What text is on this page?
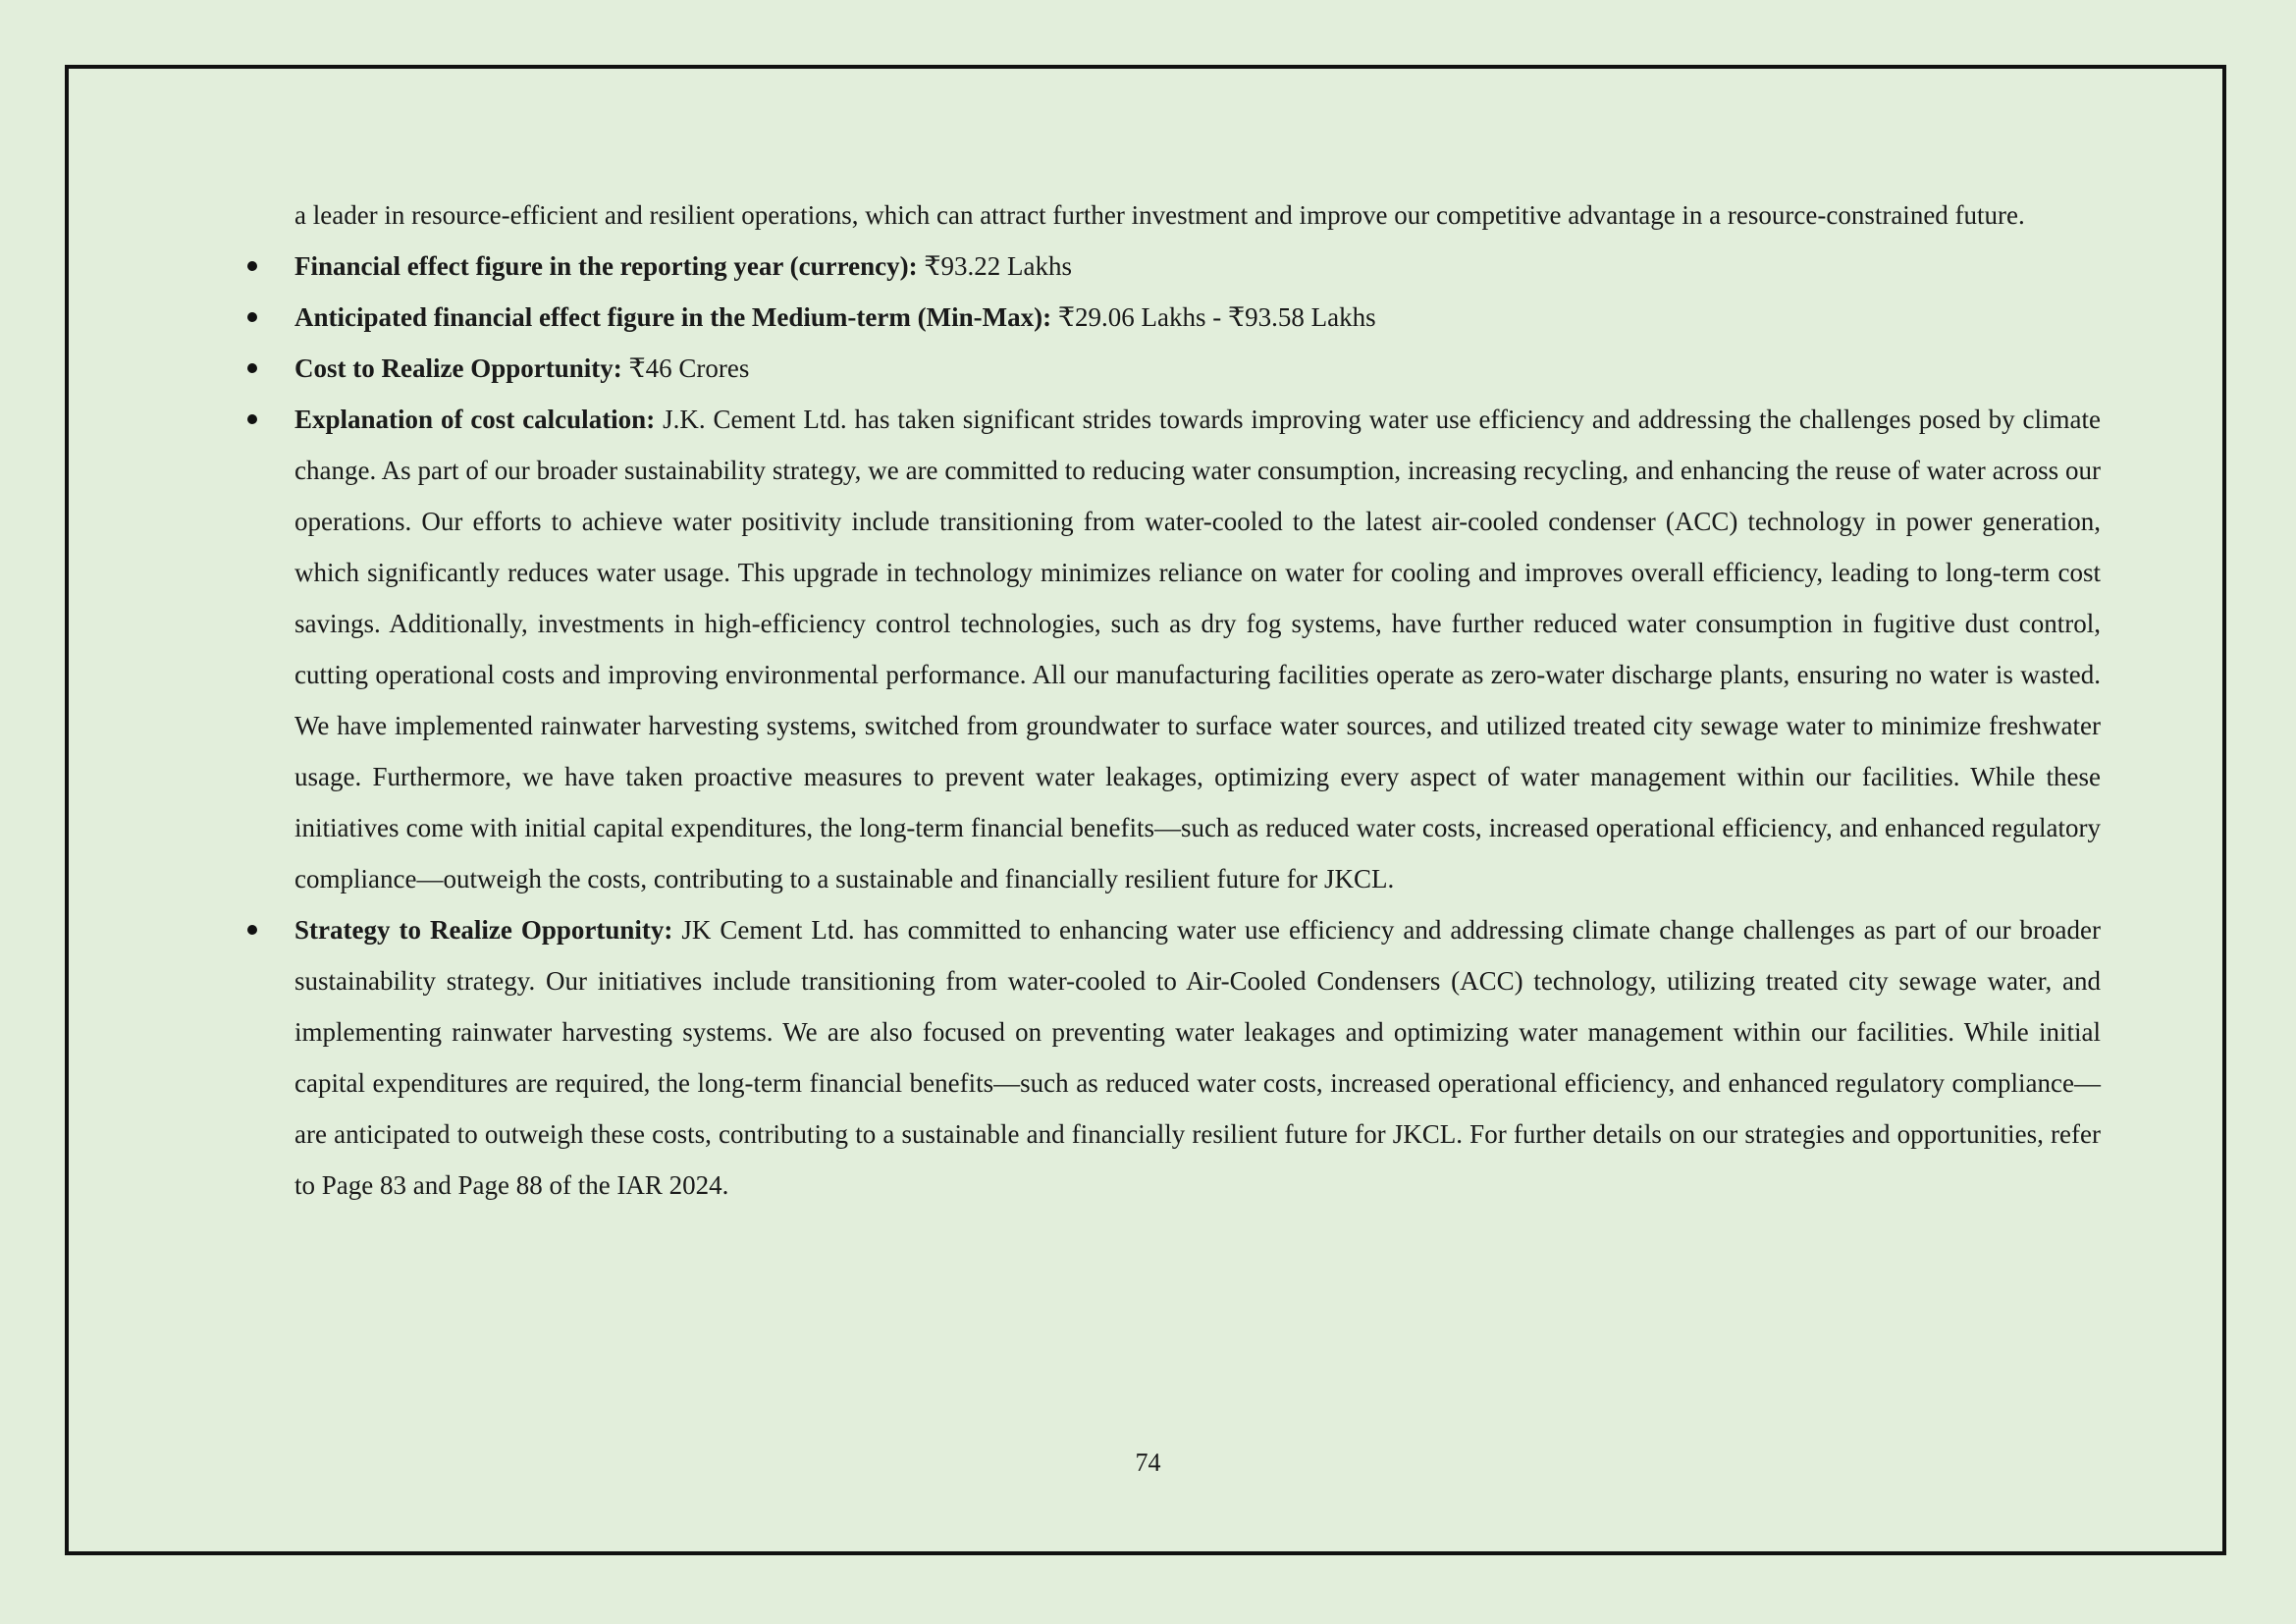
a leader in resource-efficient and resilient operations, which can attract further investment and improve our competitive advantage in a resource-constrained future.

Financial effect figure in the reporting year (currency): ₹93.22 Lakhs
Anticipated financial effect figure in the Medium-term (Min-Max): ₹29.06 Lakhs - ₹93.58 Lakhs
Cost to Realize Opportunity: ₹46 Crores
Explanation of cost calculation: J.K. Cement Ltd. has taken significant strides towards improving water use efficiency and addressing the challenges posed by climate change. As part of our broader sustainability strategy, we are committed to reducing water consumption, increasing recycling, and enhancing the reuse of water across our operations. Our efforts to achieve water positivity include transitioning from water-cooled to the latest air-cooled condenser (ACC) technology in power generation, which significantly reduces water usage. This upgrade in technology minimizes reliance on water for cooling and improves overall efficiency, leading to long-term cost savings. Additionally, investments in high-efficiency control technologies, such as dry fog systems, have further reduced water consumption in fugitive dust control, cutting operational costs and improving environmental performance. All our manufacturing facilities operate as zero-water discharge plants, ensuring no water is wasted. We have implemented rainwater harvesting systems, switched from groundwater to surface water sources, and utilized treated city sewage water to minimize freshwater usage. Furthermore, we have taken proactive measures to prevent water leakages, optimizing every aspect of water management within our facilities. While these initiatives come with initial capital expenditures, the long-term financial benefits—such as reduced water costs, increased operational efficiency, and enhanced regulatory compliance—outweigh the costs, contributing to a sustainable and financially resilient future for JKCL.
Strategy to Realize Opportunity: JK Cement Ltd. has committed to enhancing water use efficiency and addressing climate change challenges as part of our broader sustainability strategy. Our initiatives include transitioning from water-cooled to Air-Cooled Condensers (ACC) technology, utilizing treated city sewage water, and implementing rainwater harvesting systems. We are also focused on preventing water leakages and optimizing water management within our facilities. While initial capital expenditures are required, the long-term financial benefits—such as reduced water costs, increased operational efficiency, and enhanced regulatory compliance—are anticipated to outweigh these costs, contributing to a sustainable and financially resilient future for JKCL. For further details on our strategies and opportunities, refer to Page 83 and Page 88 of the IAR 2024.
74
